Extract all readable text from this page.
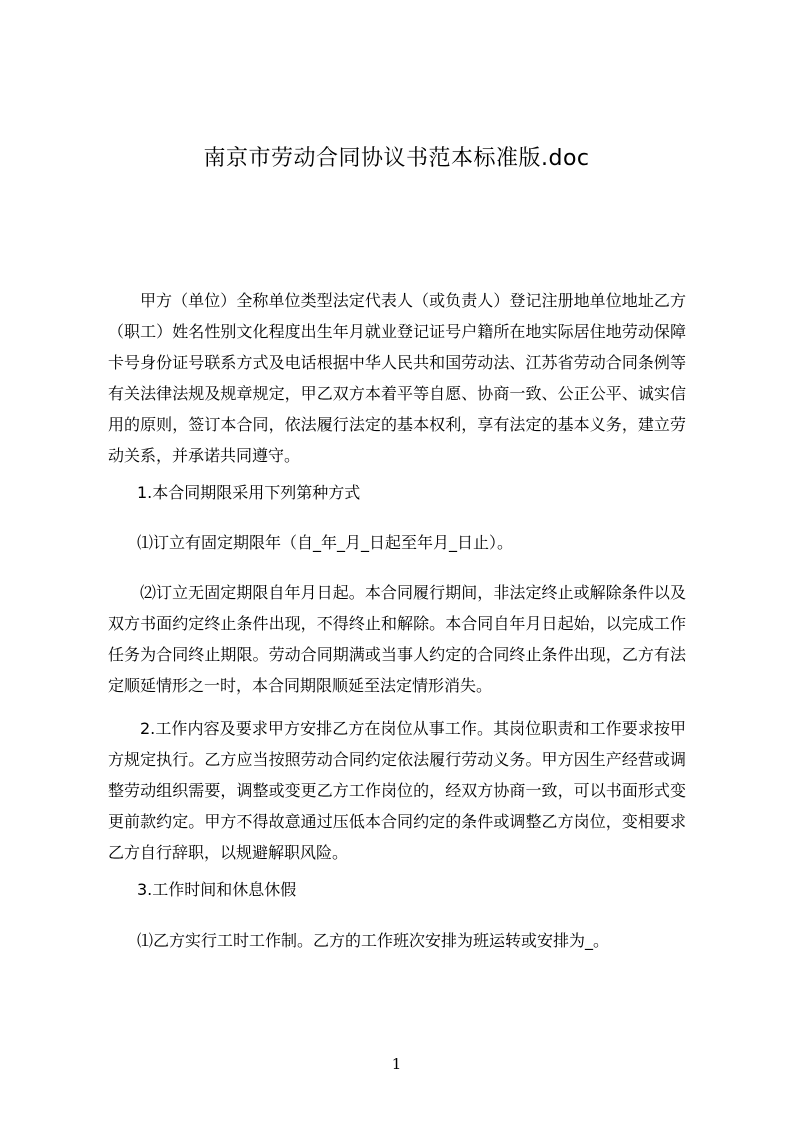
南京市劳动合同协议书范本标准版.doc

甲方（单位）全称单位类型法定代表人（或负责人）登记注册地单位地址乙方（职工）姓名性别文化程度出生年月就业登记证号户籍所在地实际居住地劳动保障卡号身份证号联系方式及电话根据中华人民共和国劳动法、江苏省劳动合同条例等有关法律法规及规章规定，甲乙双方本着平等自愿、协商一致、公正公平、诚实信用的原则，签订本合同，依法履行法定的基本权利，享有法定的基本义务，建立劳动关系，并承诺共同遵守。

1.本合同期限采用下列第种方式

⑴订立有固定期限年（自_年_月_日起至年月_日止）。

⑵订立无固定期限自年月日起。本合同履行期间，非法定终止或解除条件以及双方书面约定终止条件出现，不得终止和解除。本合同自年月日起始，以完成工作任务为合同终止期限。劳动合同期满或当事人约定的合同终止条件出现，乙方有法定顺延情形之一时，本合同期限顺延至法定情形消失。

2.工作内容及要求甲方安排乙方在岗位从事工作。其岗位职责和工作要求按甲方规定执行。乙方应当按照劳动合同约定依法履行劳动义务。甲方因生产经营或调整劳动组织需要，调整或变更乙方工作岗位的，经双方协商一致，可以书面形式变更前款约定。甲方不得故意通过压低本合同约定的条件或调整乙方岗位，变相要求乙方自行辞职，以规避解职风险。

3.工作时间和休息休假

⑴乙方实行工时工作制。乙方的工作班次安排为班运转或安排为_。

1
